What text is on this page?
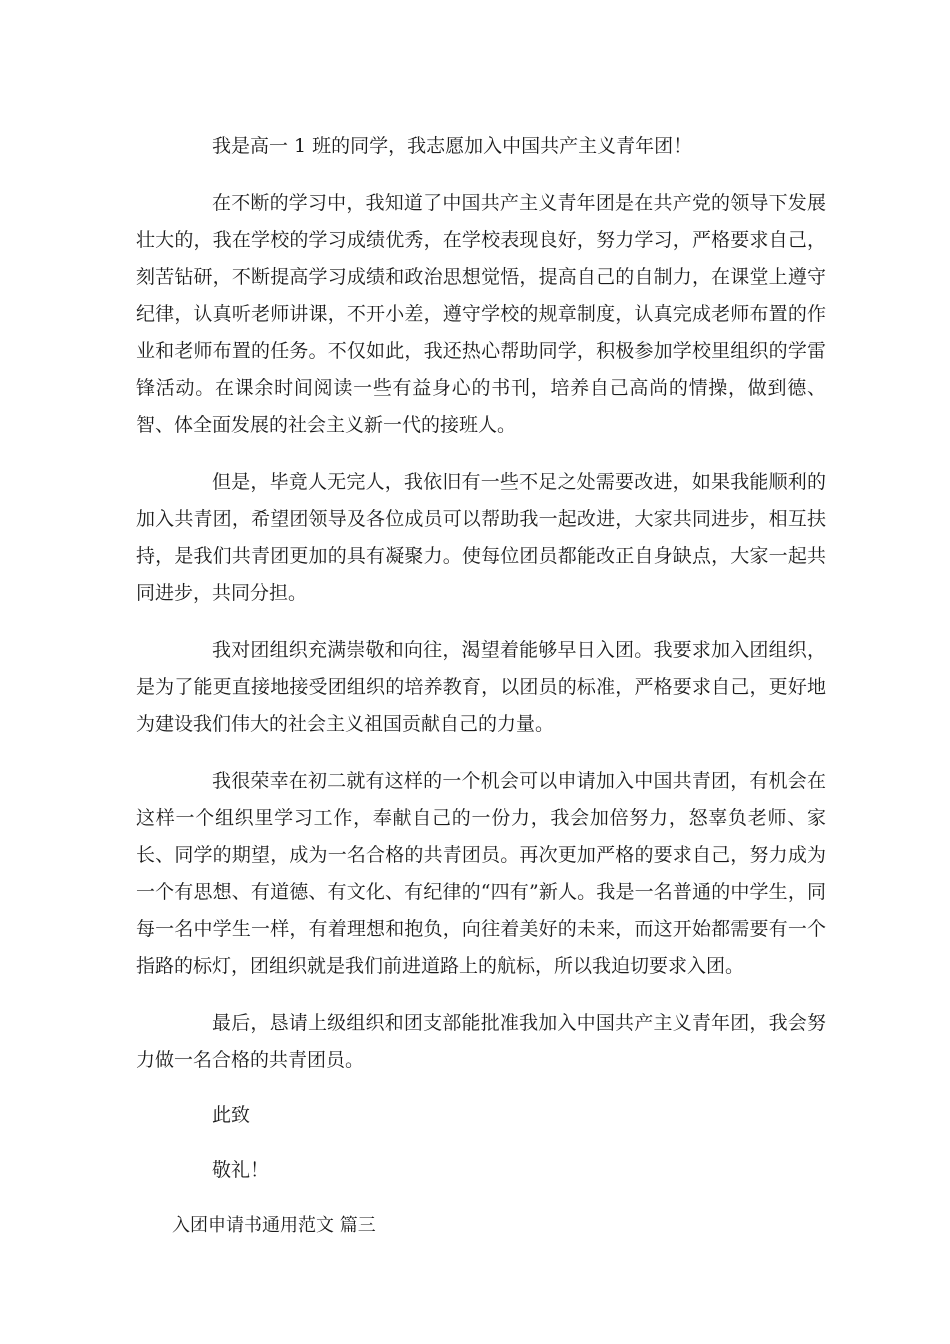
我是高一 1 班的同学，我志愿加入中国共产主义青年团！

在不断的学习中，我知道了中国共产主义青年团是在共产党的领导下发展壮大的，我在学校的学习成绩优秀，在学校表现良好，努力学习，严格要求自己，刻苦钻研，不断提高学习成绩和政治思想觉悟，提高自己的自制力，在课堂上遵守纪律，认真听老师讲课，不开小差，遵守学校的规章制度，认真完成老师布置的作业和老师布置的任务。不仅如此，我还热心帮助同学，积极参加学校里组织的学雷锋活动。在课余时间阅读一些有益身心的书刊，培养自己高尚的情操，做到德、智、体全面发展的社会主义新一代的接班人。

但是，毕竟人无完人，我依旧有一些不足之处需要改进，如果我能顺利的加入共青团，希望团领导及各位成员可以帮助我一起改进，大家共同进步，相互扶持，是我们共青团更加的具有凝聚力。使每位团员都能改正自身缺点，大家一起共同进步，共同分担。

我对团组织充满崇敬和向往，渴望着能够早日入团。我要求加入团组织，是为了能更直接地接受团组织的培养教育，以团员的标准，严格要求自己，更好地为建设我们伟大的社会主义祖国贡献自己的力量。

我很荣幸在初二就有这样的一个机会可以申请加入中国共青团，有机会在这样一个组织里学习工作，奉献自己的一份力，我会加倍努力，怒辜负老师、家长、同学的期望，成为一名合格的共青团员。再次更加严格的要求自己，努力成为一个有思想、有道德、有文化、有纪律的“四有”新人。我是一名普通的中学生，同每一名中学生一样，有着理想和抱负，向往着美好的未来，而这开始都需要有一个指路的标灯，团组织就是我们前进道路上的航标，所以我迫切要求入团。

最后，恳请上级组织和团支部能批准我加入中国共产主义青年团，我会努力做一名合格的共青团员。

此致

敬礼！

入团申请书通用范文 篇三
